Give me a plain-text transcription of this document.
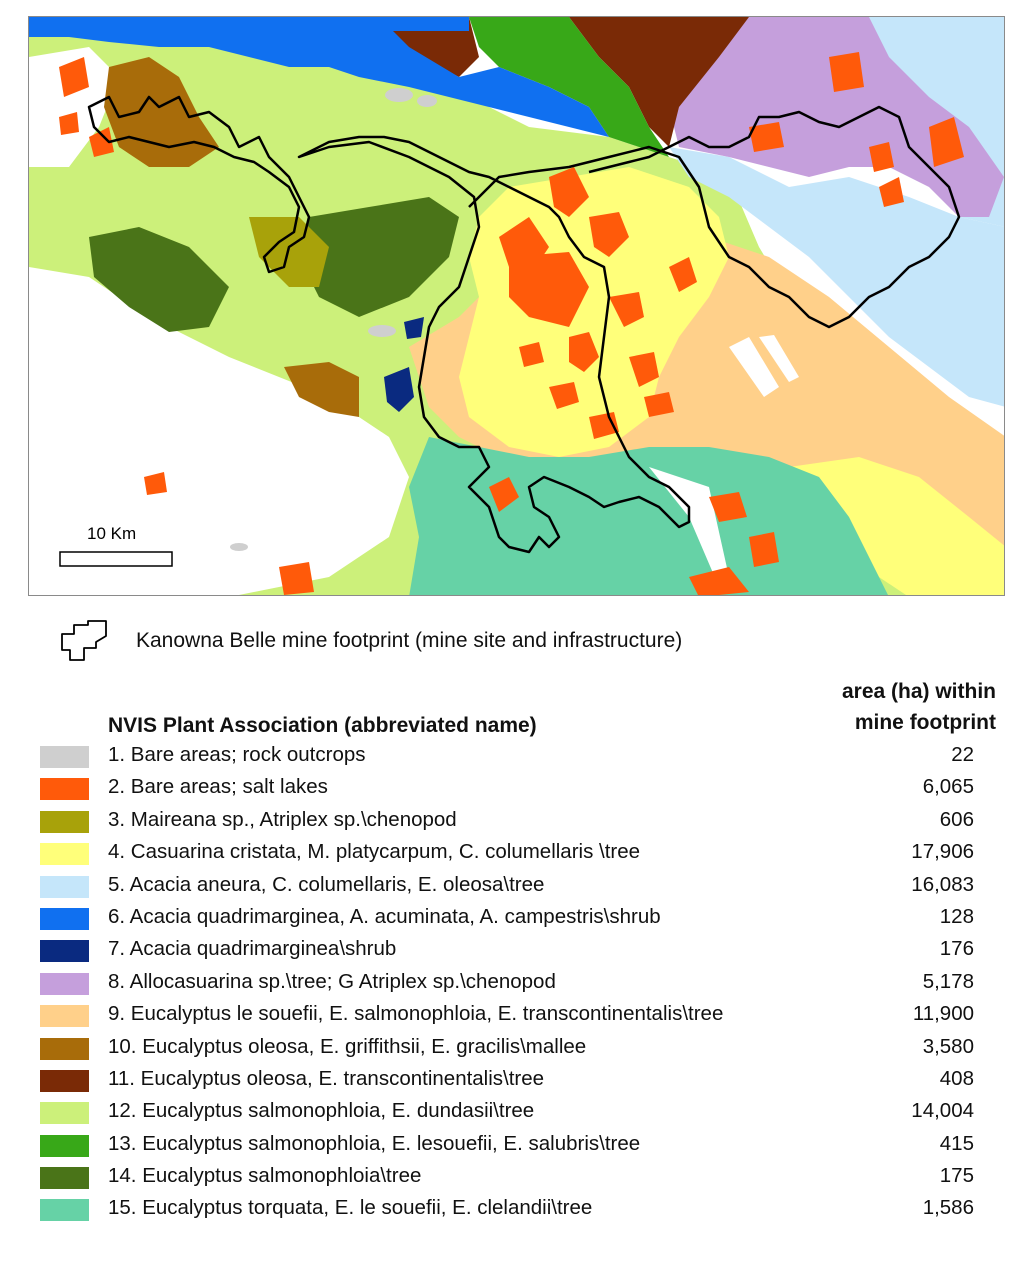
10 Km
Kanowna Belle mine footprint (mine site and infrastructure)
NVIS Plant Association (abbreviated name)
area (ha) within
mine footprint
1. Bare areas; rock outcrops	22
2. Bare areas; salt lakes	6,065
3. Maireana sp., Atriplex sp.\chenopod	606
4. Casuarina cristata, M. platycarpum, C. columellaris \tree	17,906
5. Acacia aneura, C. columellaris, E. oleosa\tree	16,083
6. Acacia quadrimarginea, A. acuminata, A. campestris\shrub	128
7. Acacia quadrimarginea\shrub	176
8. Allocasuarina sp.\tree; G Atriplex sp.\chenopod	5,178
9. Eucalyptus le souefii, E. salmonophloia, E. transcontinentalis\tree	11,900
10. Eucalyptus oleosa, E. griffithsii, E. gracilis\mallee	3,580
11. Eucalyptus oleosa, E. transcontinentalis\tree	408
12. Eucalyptus salmonophloia, E. dundasii\tree	14,004
13. Eucalyptus salmonophloia, E. lesouefii, E. salubris\tree	415
14. Eucalyptus salmonophloia\tree	175
15. Eucalyptus torquata, E. le souefii, E. clelandii\tree	1,586
